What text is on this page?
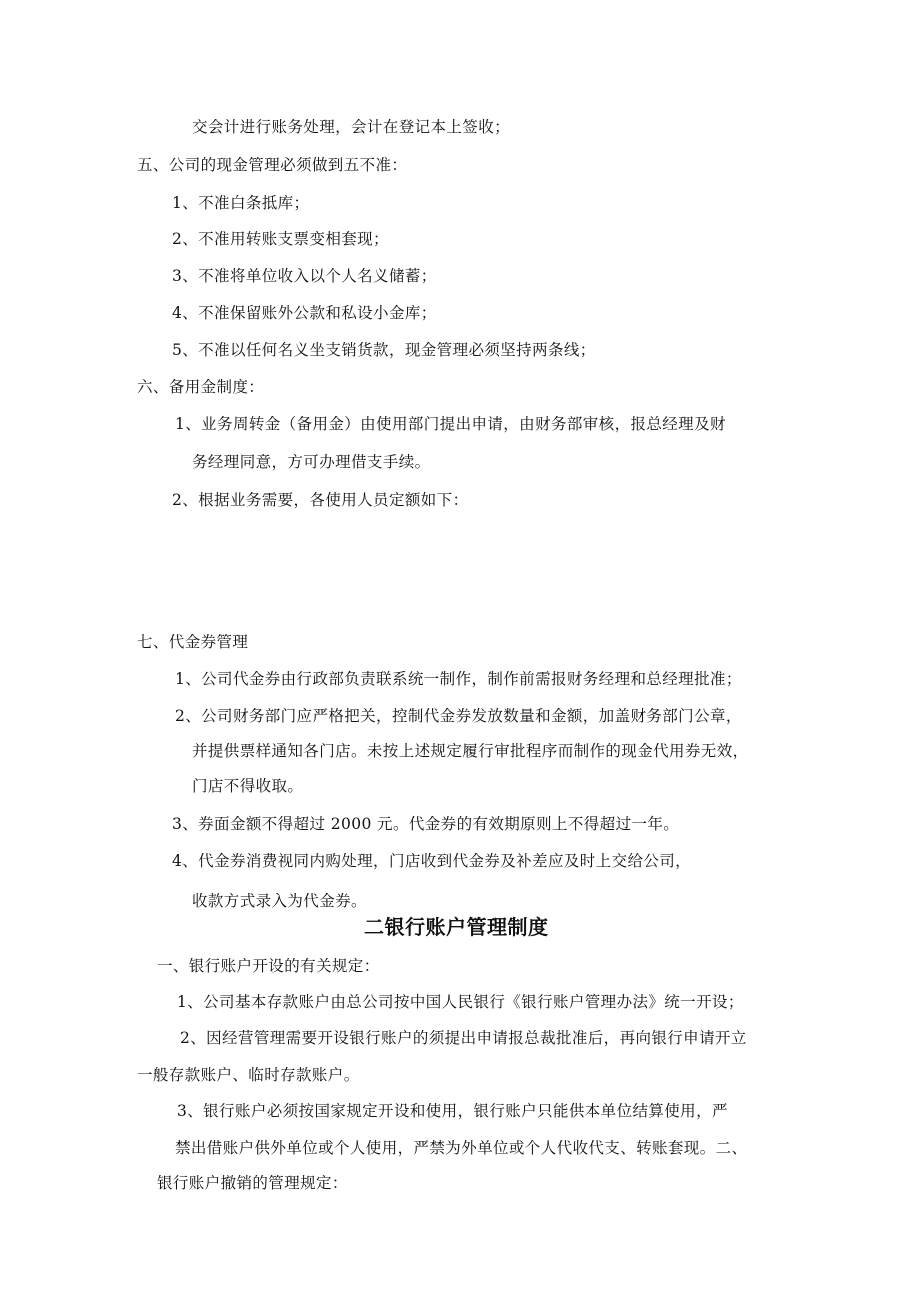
交会计进行账务处理，会计在登记本上签收；
五、公司的现金管理必须做到五不准：
1、不准白条抵库；
2、不准用转账支票变相套现；
3、不准将单位收入以个人名义储蓄；
4、不准保留账外公款和私设小金库；
5、不准以任何名义坐支销货款，现金管理必须坚持两条线；
六、备用金制度：
1、业务周转金（备用金）由使用部门提出申请，由财务部审核，报总经理及财
务经理同意，方可办理借支手续。
2、根据业务需要，各使用人员定额如下：
七、代金券管理
1、公司代金券由行政部负责联系统一制作，制作前需报财务经理和总经理批准；
2、公司财务部门应严格把关，控制代金券发放数量和金额，加盖财务部门公章，
并提供票样通知各门店。未按上述规定履行审批程序而制作的现金代用券无效，
门店不得收取。
3、券面金额不得超过 2000 元。代金券的有效期原则上不得超过一年。
4、代金券消费视同内购处理，门店收到代金券及补差应及时上交给公司，
收款方式录入为代金券。
二银行账户管理制度
一、银行账户开设的有关规定：
1、公司基本存款账户由总公司按中国人民银行《银行账户管理办法》统一开设；
2、因经营管理需要开设银行账户的须提出申请报总裁批准后，再向银行申请开立
一般存款账户、临时存款账户。
3、银行账户必须按国家规定开设和使用，银行账户只能供本单位结算使用，严
禁出借账户供外单位或个人使用，严禁为外单位或个人代收代支、转账套现。二、
银行账户撤销的管理规定：
